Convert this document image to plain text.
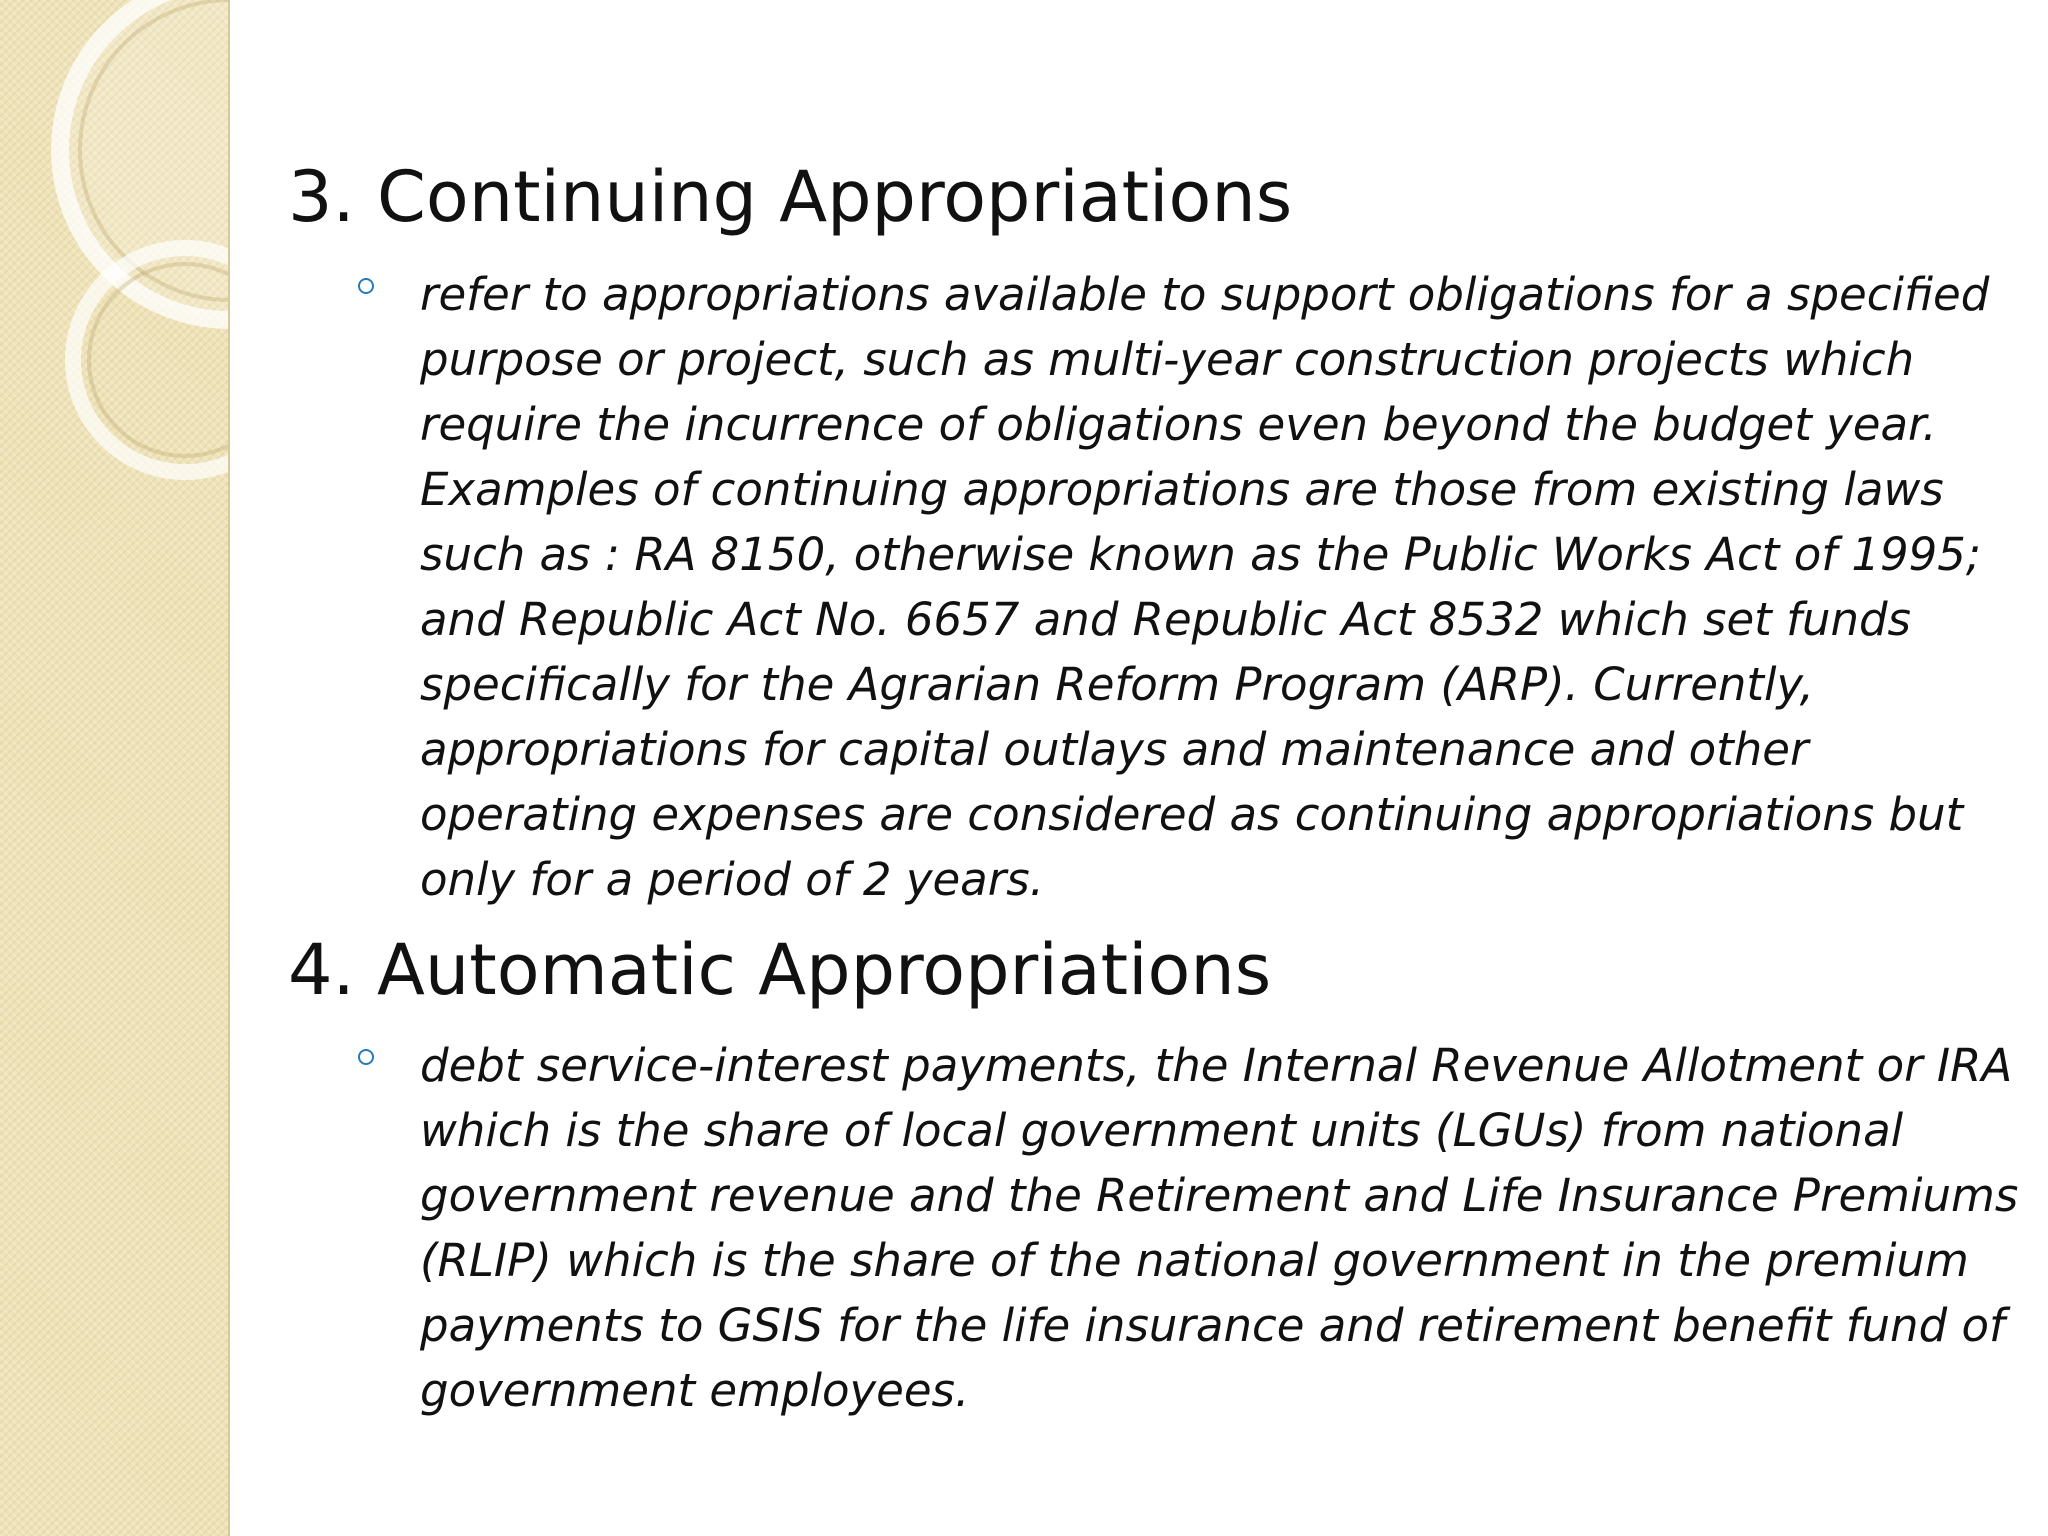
3. Continuing Appropriations

refer to appropriations available to support obligations for a specified purpose or project, such as multi-year construction projects which require the incurrence of obligations even beyond the budget year. Examples of continuing appropriations are those from existing laws such as : RA 8150, otherwise known as the Public Works Act of 1995; and Republic Act No. 6657 and Republic Act 8532 which set funds specifically for the Agrarian Reform Program (ARP). Currently, appropriations for capital outlays and maintenance and other operating expenses are considered as continuing appropriations but only for a period of 2 years.

4. Automatic Appropriations

debt service-interest payments, the Internal Revenue Allotment or IRA which is the share of local government units (LGUs) from national government revenue and the Retirement and Life Insurance Premiums (RLIP) which is the share of the national government in the premium payments to GSIS for the life insurance and retirement benefit fund of government employees.
